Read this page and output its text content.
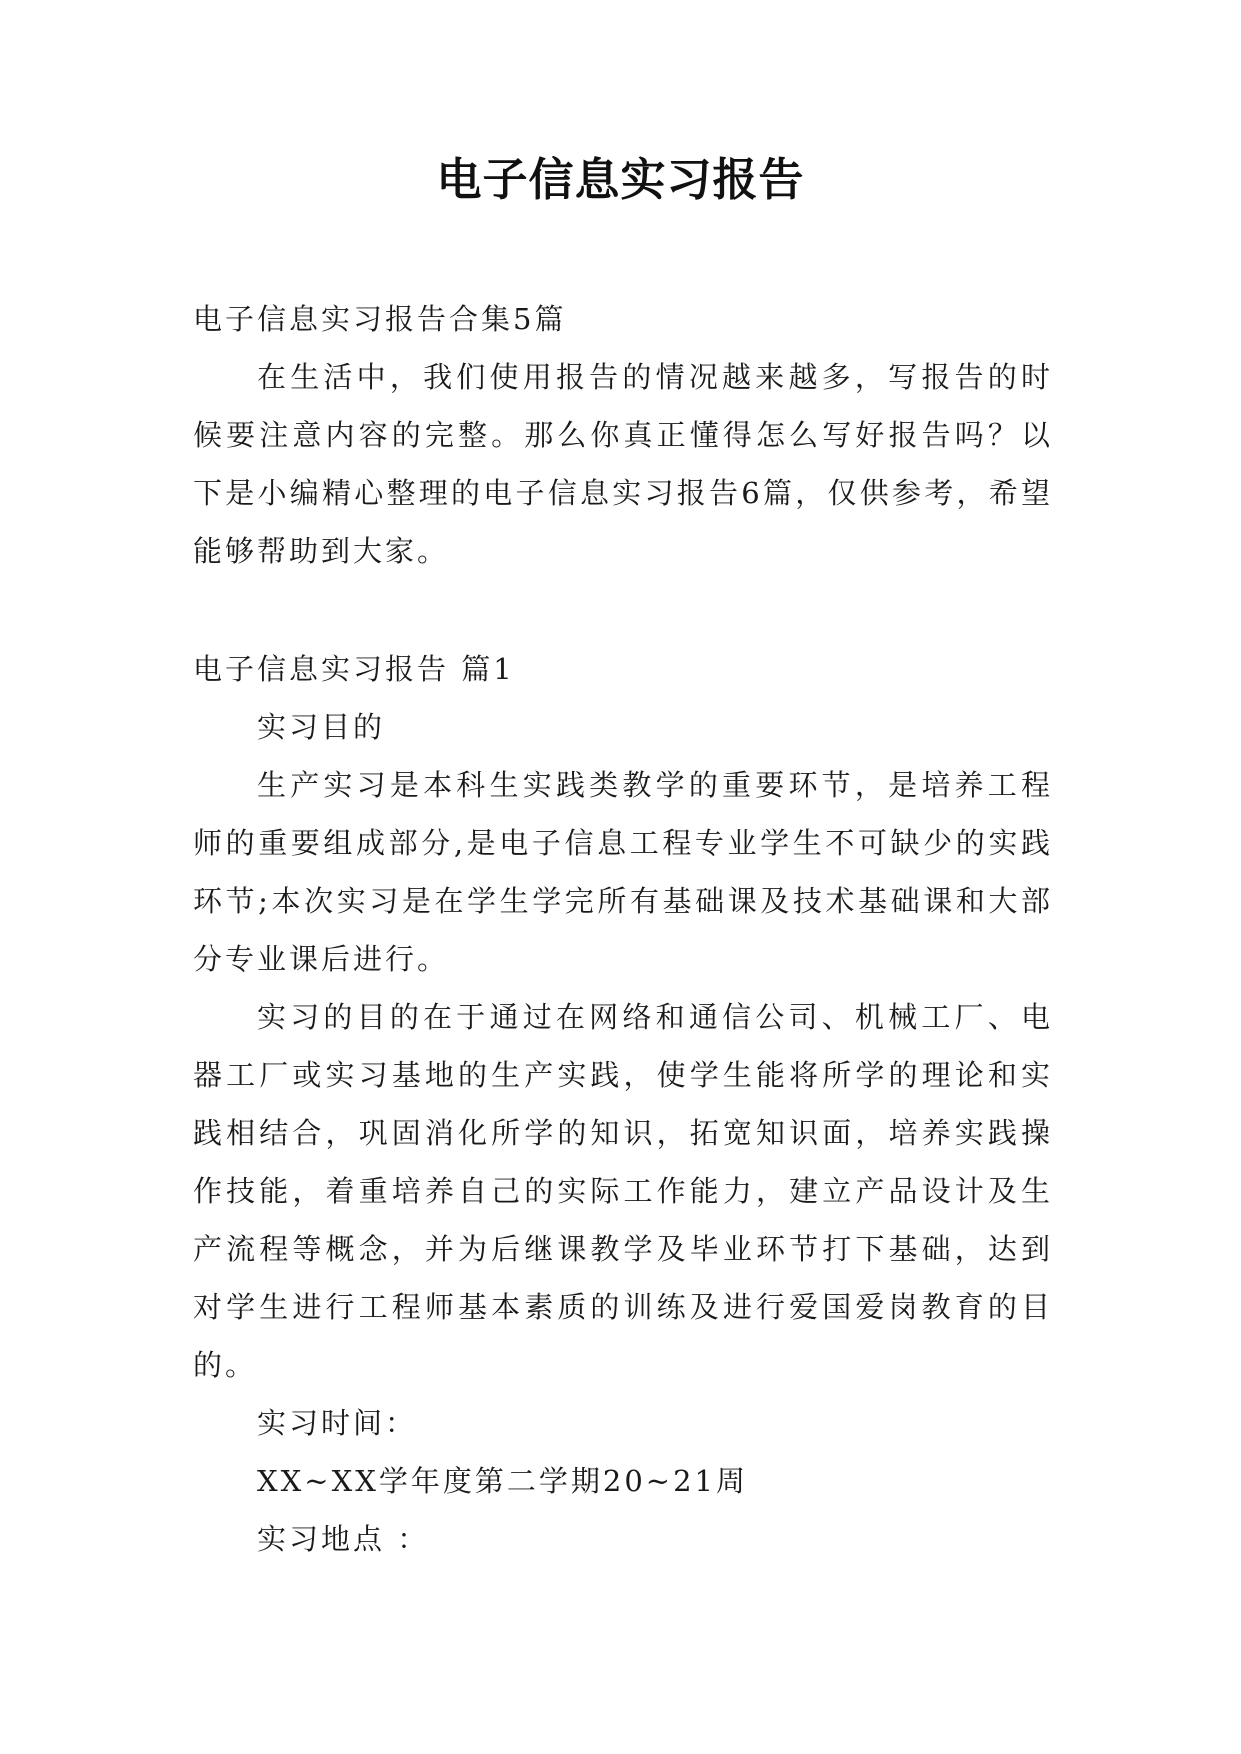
电子信息实习报告

电子信息实习报告合集5篇

在生活中，我们使用报告的情况越来越多，写报告的时候要注意内容的完整。那么你真正懂得怎么写好报告吗？以下是小编精心整理的电子信息实习报告6篇，仅供参考，希望能够帮助到大家。

电子信息实习报告 篇1

实习目的

生产实习是本科生实践类教学的重要环节，是培养工程师的重要组成部分,是电子信息工程专业学生不可缺少的实践环节;本次实习是在学生学完所有基础课及技术基础课和大部分专业课后进行。

实习的目的在于通过在网络和通信公司、机械工厂、电器工厂或实习基地的生产实践，使学生能将所学的理论和实践相结合，巩固消化所学的知识，拓宽知识面，培养实践操作技能，着重培养自己的实际工作能力，建立产品设计及生产流程等概念，并为后继课教学及毕业环节打下基础，达到对学生进行工程师基本素质的训练及进行爱国爱岗教育的目的。

实习时间：

XX~XX学年度第二学期20~21周

实习地点 ：
